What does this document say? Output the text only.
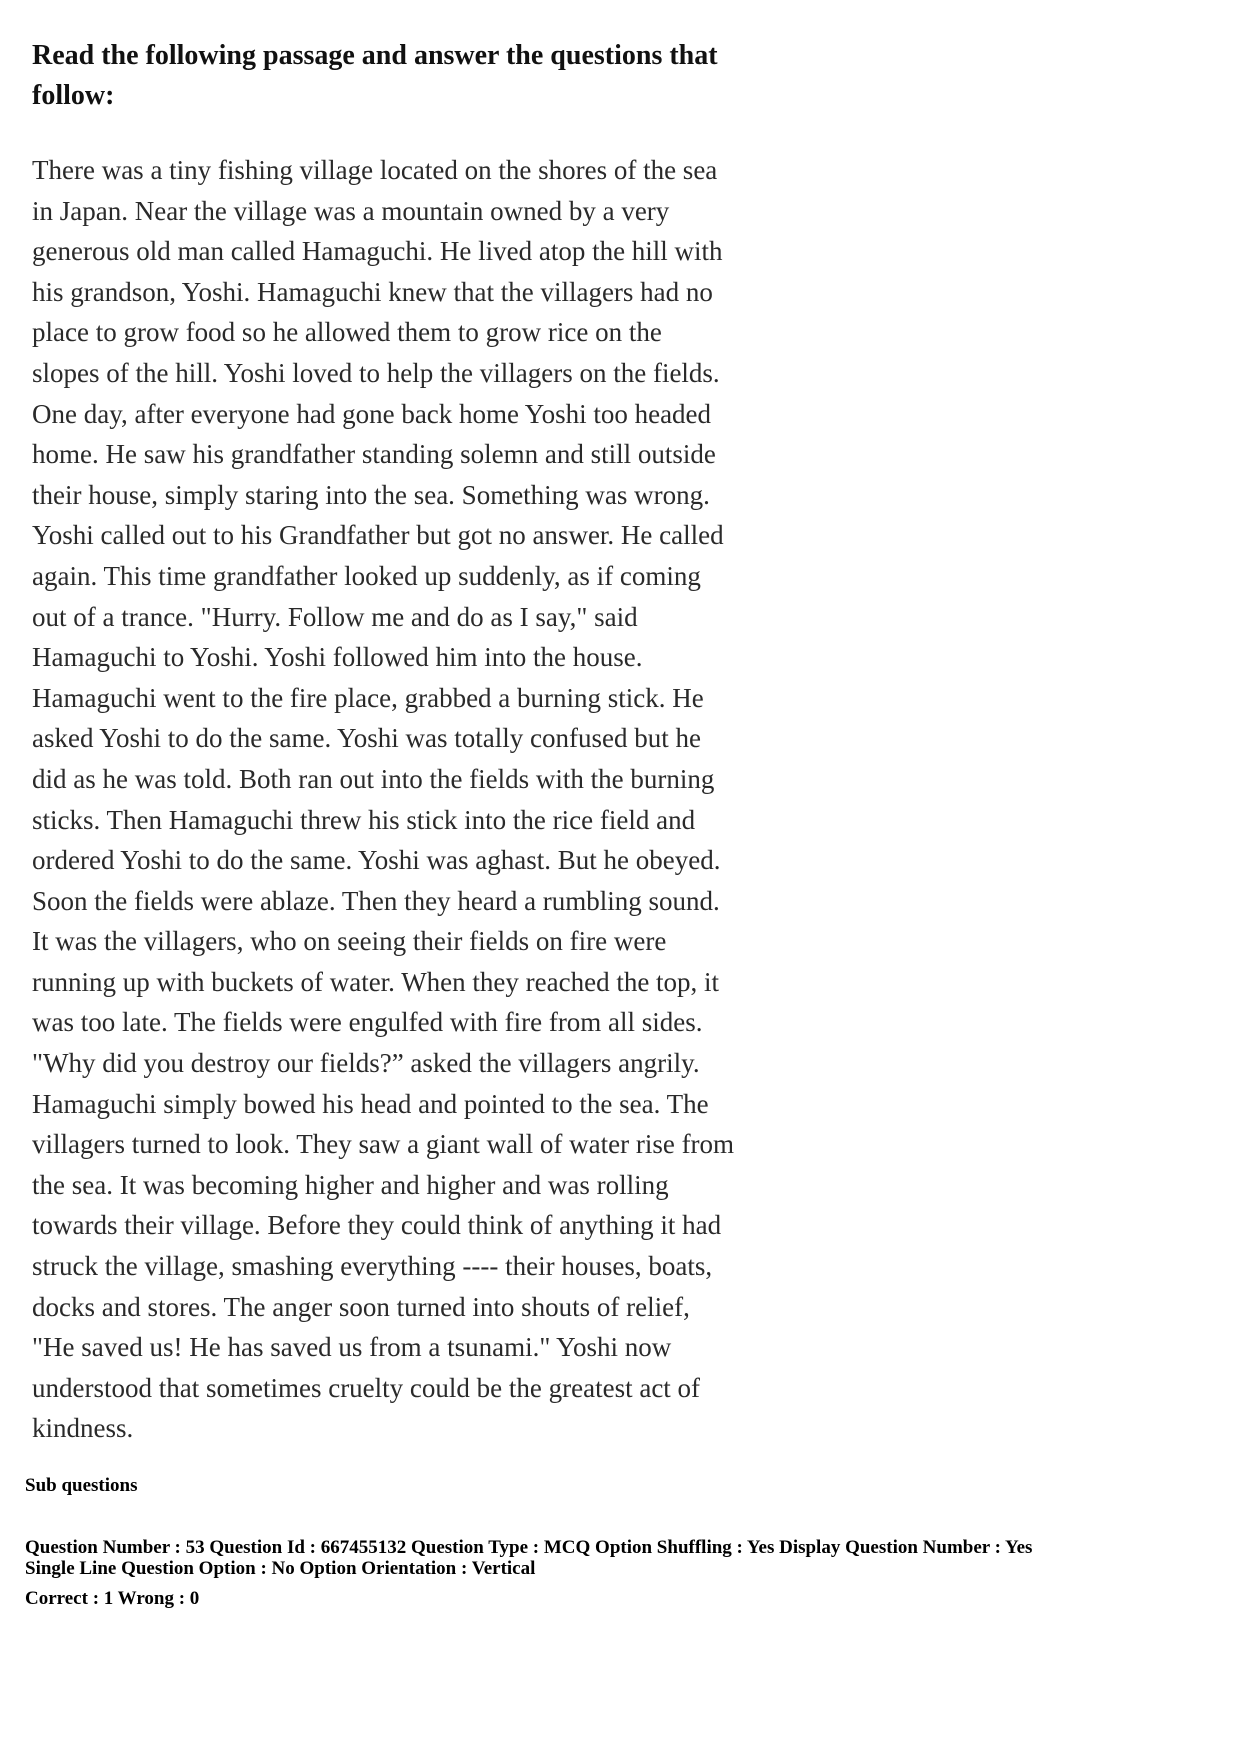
Read the following passage and answer the questions that
follow:
There was a tiny fishing village located on the shores of the sea
in Japan. Near the village was a mountain owned by a very
generous old man called Hamaguchi. He lived atop the hill with
his grandson, Yoshi. Hamaguchi knew that the villagers had no
place to grow food so he allowed them to grow rice on the
slopes of the hill. Yoshi loved to help the villagers on the fields.
One day, after everyone had gone back home Yoshi too headed
home. He saw his grandfather standing solemn and still outside
their house, simply staring into the sea. Something was wrong.
Yoshi called out to his Grandfather but got no answer. He called
again. This time grandfather looked up suddenly, as if coming
out of a trance. "Hurry. Follow me and do as I say," said
Hamaguchi to Yoshi. Yoshi followed him into the house.
Hamaguchi went to the fire place, grabbed a burning stick. He
asked Yoshi to do the same. Yoshi was totally confused but he
did as he was told. Both ran out into the fields with the burning
sticks. Then Hamaguchi threw his stick into the rice field and
ordered Yoshi to do the same. Yoshi was aghast. But he obeyed.
Soon the fields were ablaze. Then they heard a rumbling sound.
It was the villagers, who on seeing their fields on fire were
running up with buckets of water. When they reached the top, it
was too late. The fields were engulfed with fire from all sides.
"Why did you destroy our fields?” asked the villagers angrily.
Hamaguchi simply bowed his head and pointed to the sea. The
villagers turned to look. They saw a giant wall of water rise from
the sea. It was becoming higher and higher and was rolling
towards their village. Before they could think of anything it had
struck the village, smashing everything ---- their houses, boats,
docks and stores. The anger soon turned into shouts of relief,
"He saved us! He has saved us from a tsunami." Yoshi now
understood that sometimes cruelty could be the greatest act of
kindness.
Sub questions
Question Number : 53 Question Id : 667455132 Question Type : MCQ Option Shuffling : Yes Display Question Number : Yes
Single Line Question Option : No Option Orientation : Vertical
Correct : 1 Wrong : 0
